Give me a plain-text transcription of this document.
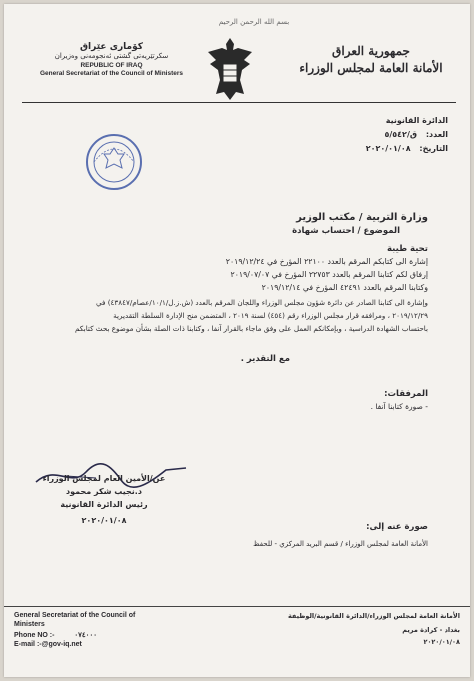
بسم الله الرحمن الرحيم
كۆماری عێراق
سكرتێریەتی گشتی ئەنجومەنی وەزیران
REPUBLIC OF IRAQ
General Secretariat of the Council of Ministers
جمهورية العراق
الأمانة العامة لمجلس الوزراء
الدائرة القانونية
العدد: ق/٥/٥٤٢
التاريخ: ٢٠٢٠/٠١/٠٨
وزارة التربية / مكتب الوزير
الموضوع / احتساب شهادة
تحية طيبة
إشارة الى كتابكم المرقم بالعدد ٢٢١٠٠ المؤرخ في ٢٠١٩/١٢/٢٤
إرفاق لكم كتابنا المرقم بالعدد ٢٢٧٥٣ المؤرخ في ٢٠١٩/٠٧/٠٧
وكتابنا المرقم بالعدد ٤٢٤٩١ المؤرخ في ٢٠١٩/١٢/١٤
وإشارة الى كتابنا الصادر عن دائرة شؤون مجلس الوزراء واللجان المرقم بالعدد (ش.ز.ل/١٠/١/عصام/٤٣٨٤٧) في
٢٠١٩/١٢/٢٩ ، ومرافقه قرار مجلس الوزراء رقم (٤٥٤) لسنة ٢٠١٩ ، المتضمن منح الإدارة السلطة التقديرية
باحتساب الشهادة الدراسية ، وبإمكانكم العمل على وفق ماجاء بالقرار آنفا ، وكتابنا ذات الصلة بشأن موضوع بحث كتابكم
مع التقدير .
المرفقات:
- صورة كتابنا آنفا .
عن/الأمين العام لمجلس الوزراء
د.نجيب شكر محمود
رئيس الدائرة القانونية
٢٠٢٠/٠١/٠٨
صورة عنه إلى:
الأمانة العامة لمجلس الوزراء / قسم البريد المركزي - للحفظ
General Secretariat of the Council of
Ministers
Phone NO :-	٠٧٤٠٠٠
E-mail :-@gov-iq.net
الأمانة العامة لمجلس الوزراء/الدائرة القانونية/الوظيفة
بغداد - كرادة مريم
٢٠٢٠/٠١/٠٨
